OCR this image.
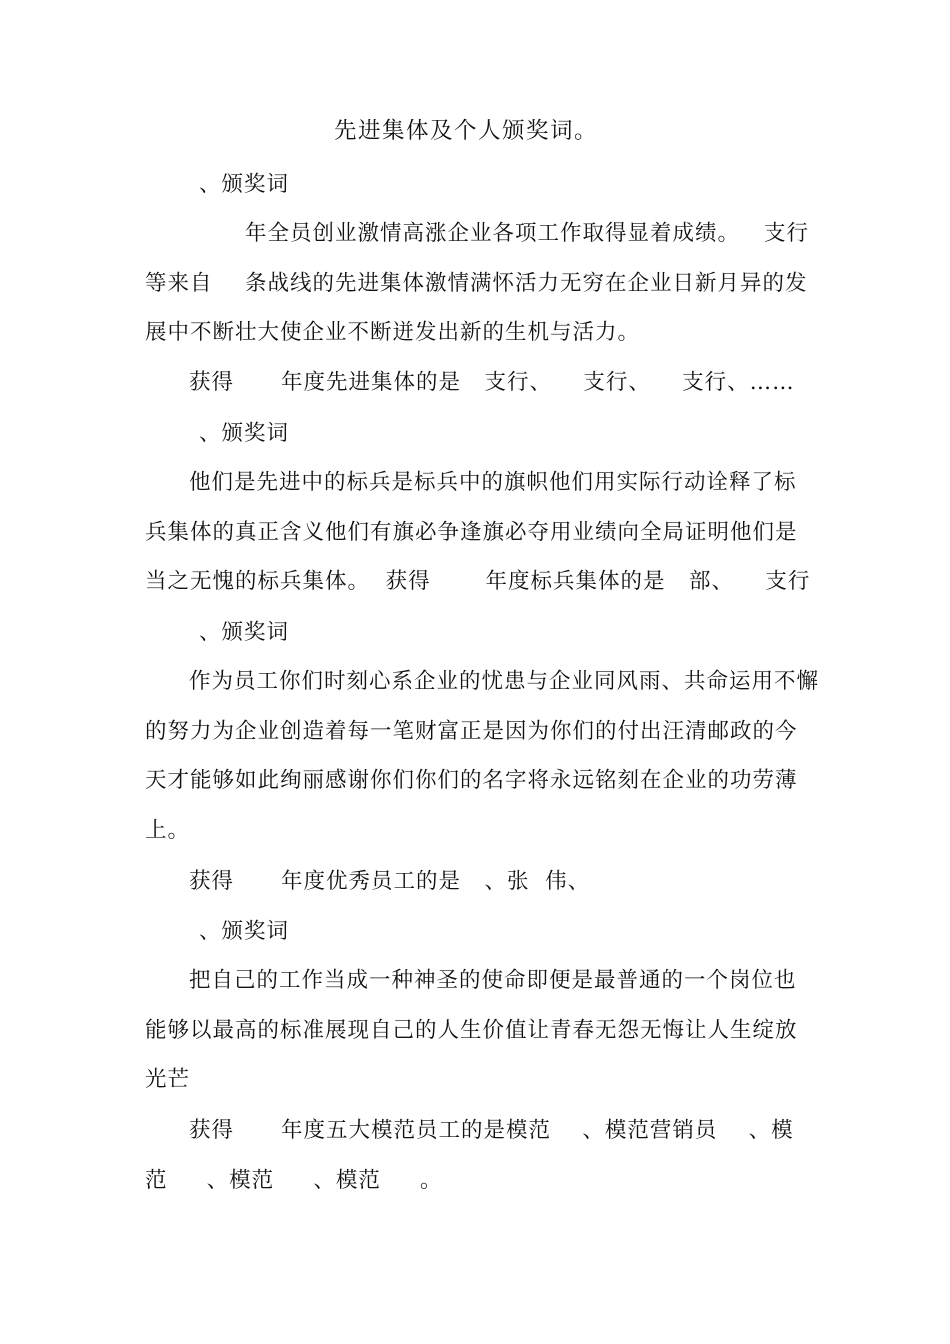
先进集体及个人颁奖词。
、颁奖词
年全员创业激情高涨企业各项工作取得显着成绩。 支行
等来自 条战线的先进集体激情满怀活力无穷在企业日新月异的发
展中不断壮大使企业不断迸发出新的生机与活力。
获得      年度先进集体的是   支行、    支行、    支行、……
、颁奖词
他们是先进中的标兵是标兵中的旗帜他们用实际行动诠释了标
兵集体的真正含义他们有旗必争逢旗必夺用业绩向全局证明他们是
当之无愧的标兵集体。  获得       年度标兵集体的是   部、    支行
、颁奖词
作为员工你们时刻心系企业的忧患与企业同风雨、共命运用不懈
的努力为企业创造着每一笔财富正是因为你们的付出汪清邮政的今
天才能够如此绚丽感谢你们你们的名字将永远铭刻在企业的功劳薄
上。
获得      年度优秀员工的是   、张  伟、
、颁奖词
把自己的工作当成一种神圣的使命即便是最普通的一个岗位也
能够以最高的标准展现自己的人生价值让青春无怨无悔让人生绽放
光芒
获得      年度五大模范员工的是模范    、模范营销员    、模
范     、模范     、模范     。
